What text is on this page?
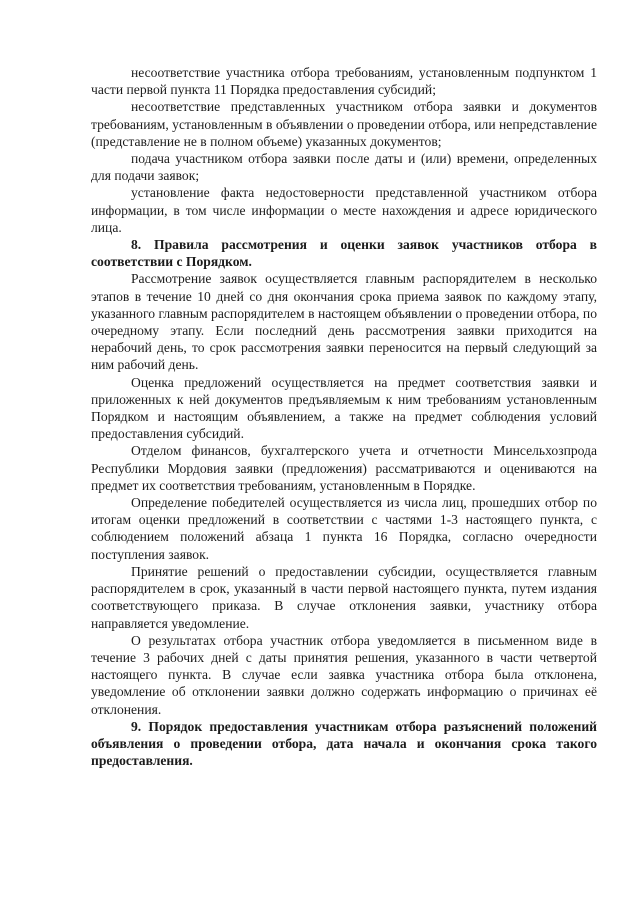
несоответствие участника отбора требованиям, установленным подпунктом 1 части первой пункта 11 Порядка предоставления субсидий;

несоответствие представленных участником отбора заявки и документов требованиям, установленным в объявлении о проведении отбора, или непредставление (представление не в полном объеме) указанных документов;

подача участником отбора заявки после даты и (или) времени, определенных для подачи заявок;

установление факта недостоверности представленной участником отбора информации, в том числе информации о месте нахождения и адресе юридического лица.

8. Правила рассмотрения и оценки заявок участников отбора в соответствии с Порядком.

Рассмотрение заявок осуществляется главным распорядителем в несколько этапов в течение 10 дней со дня окончания срока приема заявок по каждому этапу, указанного главным распорядителем в настоящем объявлении о проведении отбора, по очередному этапу. Если последний день рассмотрения заявки приходится на нерабочий день, то срок рассмотрения заявки переносится на первый следующий за ним рабочий день.

Оценка предложений осуществляется на предмет соответствия заявки и приложенных к ней документов предъявляемым к ним требованиям установленным Порядком и настоящим объявлением, а также на предмет соблюдения условий предоставления субсидий.

Отделом финансов, бухгалтерского учета и отчетности Минсельхозпрода Республики Мордовия заявки (предложения) рассматриваются и оцениваются на предмет их соответствия требованиям, установленным в Порядке.

Определение победителей осуществляется из числа лиц, прошедших отбор по итогам оценки предложений в соответствии с частями 1-3 настоящего пункта, с соблюдением положений абзаца 1 пункта 16 Порядка, согласно очередности поступления заявок.

Принятие решений о предоставлении субсидии, осуществляется главным распорядителем в срок, указанный в части первой настоящего пункта, путем издания соответствующего приказа. В случае отклонения заявки, участнику отбора направляется уведомление.

О результатах отбора участник отбора уведомляется в письменном виде в течение 3 рабочих дней с даты принятия решения, указанного в части четвертой настоящего пункта. В случае если заявка участника отбора была отклонена, уведомление об отклонении заявки должно содержать информацию о причинах её отклонения.

9. Порядок предоставления участникам отбора разъяснений положений объявления о проведении отбора, дата начала и окончания срока такого предоставления.
